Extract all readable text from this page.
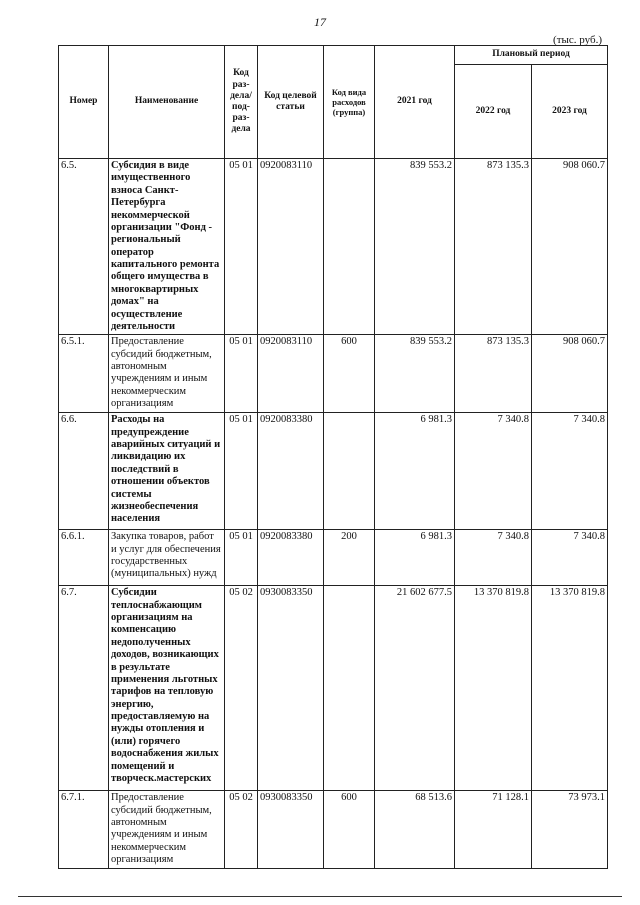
17
(тыс. руб.)
Номер	Наименование	Код раз- дела/ под- раз- дела	Код целевой статьи	Код вида расходов (группа)	2021 год	Плановый период	
						2022 год	2023 год
6.5.	Субсидия в виде имущественного взноса Санкт-Петербурга некоммерческой организации "Фонд - региональный оператор капитального ремонта общего имущества в многоквартирных домах" на осуществление деятельности	05 01	0920083110		839 553.2	873 135.3	908 060.7
6.5.1.	Предоставление субсидий бюджетным, автономным учреждениям и иным некоммерческим организациям	05 01	0920083110	600	839 553.2	873 135.3	908 060.7
6.6.	Расходы на предупреждение аварийных ситуаций и ликвидацию их последствий в отношении объектов системы жизнеобеспечения населения	05 01	0920083380		6 981.3	7 340.8	7 340.8
6.6.1.	Закупка товаров, работ и услуг для обеспечения государственных (муниципальных) нужд	05 01	0920083380	200	6 981.3	7 340.8	7 340.8
6.7.	Субсидии теплоснабжающим организациям на компенсацию недополученных доходов, возникающих в результате применения льготных тарифов на тепловую энергию, предоставляемую на нужды отопления и (или) горячего водоснабжения жилых помещений и творческ.мастерских	05 02	0930083350		21 602 677.5	13 370 819.8	13 370 819.8
6.7.1.	Предоставление субсидий бюджетным, автономным учреждениям и иным некоммерческим организациям	05 02	0930083350	600	68 513.6	71 128.1	73 973.1
